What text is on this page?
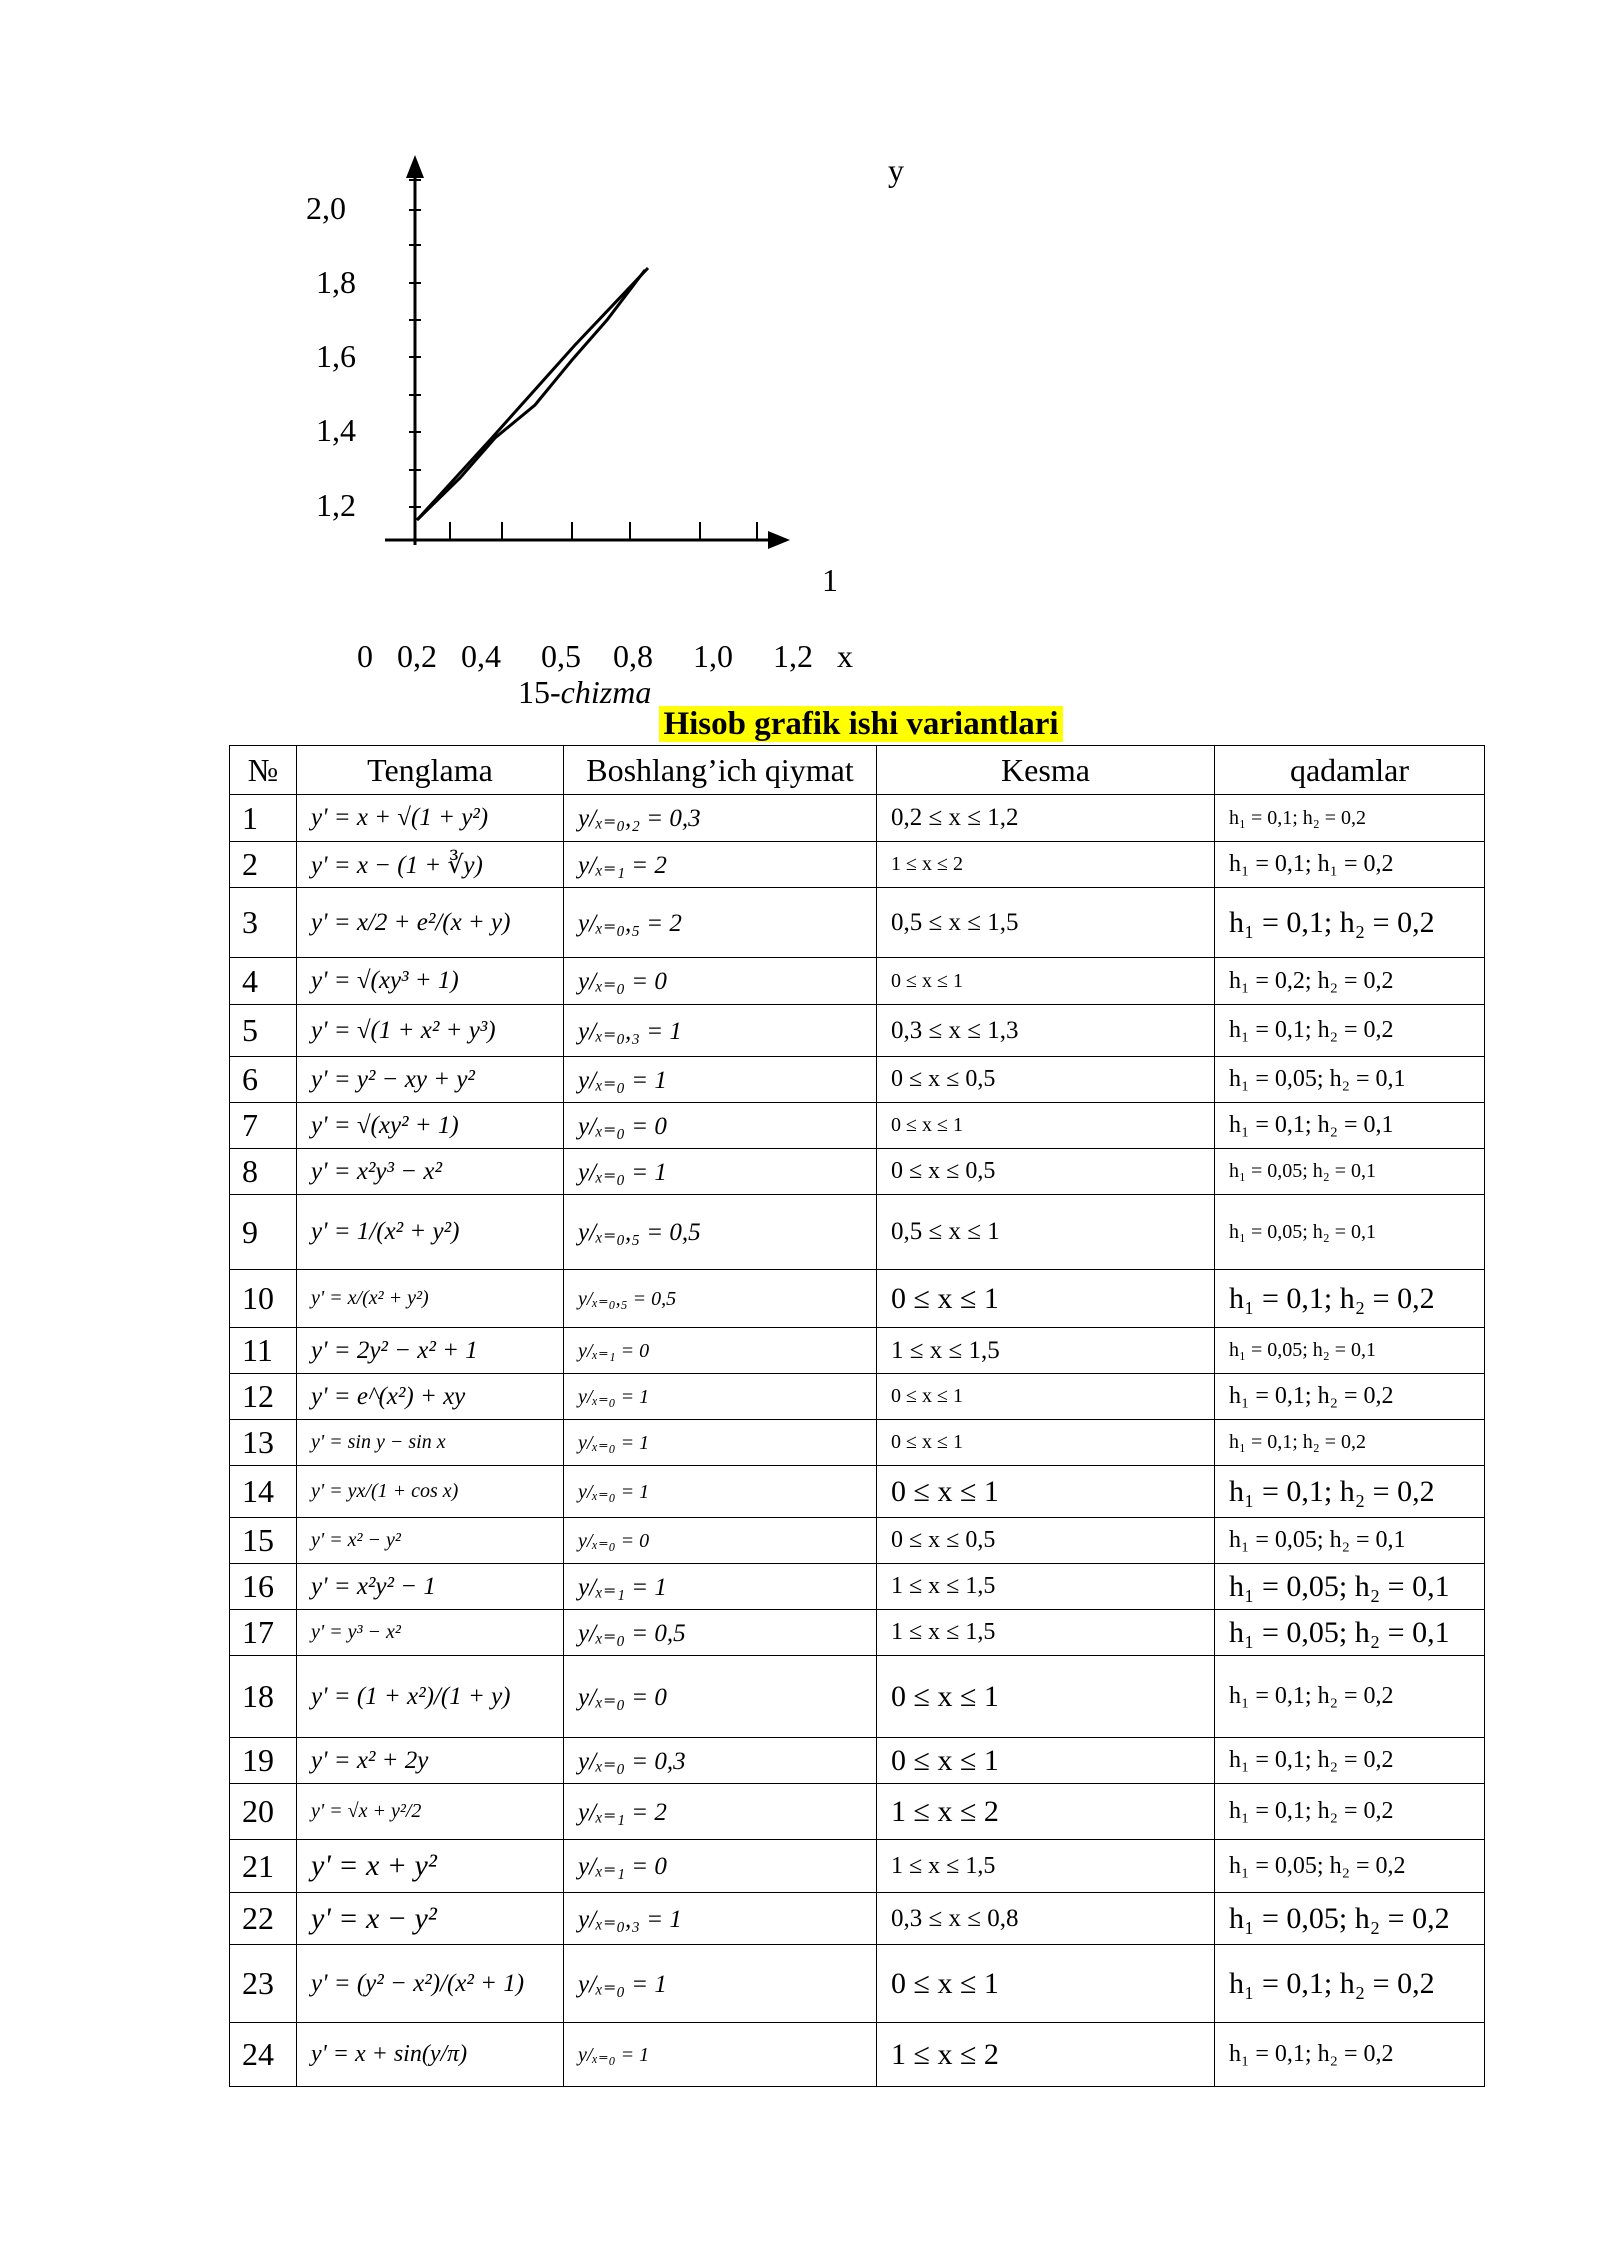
y
2,0
1,8
1,6
1,4
1,2
1
0   0,2   0,4     0,5    0,8     1,0     1,2   x
15-chizma
Hisob grafik ishi variantlari
№	Tenglama	Boshlang’ich qiymat	Kesma	qadamlar
1	y' = x + √(1 + y²)	y/ₓ₌₀,₂ = 0,3	0,2 ≤ x ≤ 1,2	h₁ = 0,1; h₂ = 0,2
2	y' = x − (1 + ∛y)	y/ₓ₌₁ = 2	1 ≤ x ≤ 2	h₁ = 0,1; h₁ = 0,2
3	y' = x/2 + e²/(x + y)	y/ₓ₌₀,₅ = 2	0,5 ≤ x ≤ 1,5	h₁ = 0,1; h₂ = 0,2
4	y' = √(xy³ + 1)	y/ₓ₌₀ = 0	0 ≤ x ≤ 1	h₁ = 0,2; h₂ = 0,2
5	y' = √(1 + x² + y³)	y/ₓ₌₀,₃ = 1	0,3 ≤ x ≤ 1,3	h₁ = 0,1; h₂ = 0,2
6	y' = y² − xy + y²	y/ₓ₌₀ = 1	0 ≤ x ≤ 0,5	h₁ = 0,05; h₂ = 0,1
7	y' = √(xy² + 1)	y/ₓ₌₀ = 0	0 ≤ x ≤ 1	h₁ = 0,1; h₂ = 0,1
8	y' = x²y³ − x²	y/ₓ₌₀ = 1	0 ≤ x ≤ 0,5	h₁ = 0,05; h₂ = 0,1
9	y' = 1/(x² + y²)	y/ₓ₌₀,₅ = 0,5	0,5 ≤ x ≤ 1	h₁ = 0,05; h₂ = 0,1
10	y' = x/(x² + y²)	y/ₓ₌₀,₅ = 0,5	0 ≤ x ≤ 1	h₁ = 0,1; h₂ = 0,2
11	y' = 2y² − x² + 1	y/ₓ₌₁ = 0	1 ≤ x ≤ 1,5	h₁ = 0,05; h₂ = 0,1
12	y' = e^(x²) + xy	y/ₓ₌₀ = 1	0 ≤ x ≤ 1	h₁ = 0,1; h₂ = 0,2
13	y' = sin y − sin x	y/ₓ₌₀ = 1	0 ≤ x ≤ 1	h₁ = 0,1; h₂ = 0,2
14	y' = yx/(1 + cos x)	y/ₓ₌₀ = 1	0 ≤ x ≤ 1	h₁ = 0,1; h₂ = 0,2
15	y' = x² − y²	y/ₓ₌₀ = 0	0 ≤ x ≤ 0,5	h₁ = 0,05; h₂ = 0,1
16	y' = x²y² − 1	y/ₓ₌₁ = 1	1 ≤ x ≤ 1,5	h₁ = 0,05; h₂ = 0,1
17	y' = y³ − x²	y/ₓ₌₀ = 0,5	1 ≤ x ≤ 1,5	h₁ = 0,05; h₂ = 0,1
18	y' = (1 + x²)/(1 + y)	y/ₓ₌₀ = 0	0 ≤ x ≤ 1	h₁ = 0,1; h₂ = 0,2
19	y' = x² + 2y	y/ₓ₌₀ = 0,3	0 ≤ x ≤ 1	h₁ = 0,1; h₂ = 0,2
20	y' = √x + y²/2	y/ₓ₌₁ = 2	1 ≤ x ≤ 2	h₁ = 0,1; h₂ = 0,2
21	y' = x + y²	y/ₓ₌₁ = 0	1 ≤ x ≤ 1,5	h₁ = 0,05; h₂ = 0,2
22	y' = x − y²	y/ₓ₌₀,₃ = 1	0,3 ≤ x ≤ 0,8	h₁ = 0,05; h₂ = 0,2
23	y' = (y² − x²)/(x² + 1)	y/ₓ₌₀ = 1	0 ≤ x ≤ 1	h₁ = 0,1; h₂ = 0,2
24	y' = x + sin(y/π)	y/ₓ₌₀ = 1	1 ≤ x ≤ 2	h₁ = 0,1; h₂ = 0,2
